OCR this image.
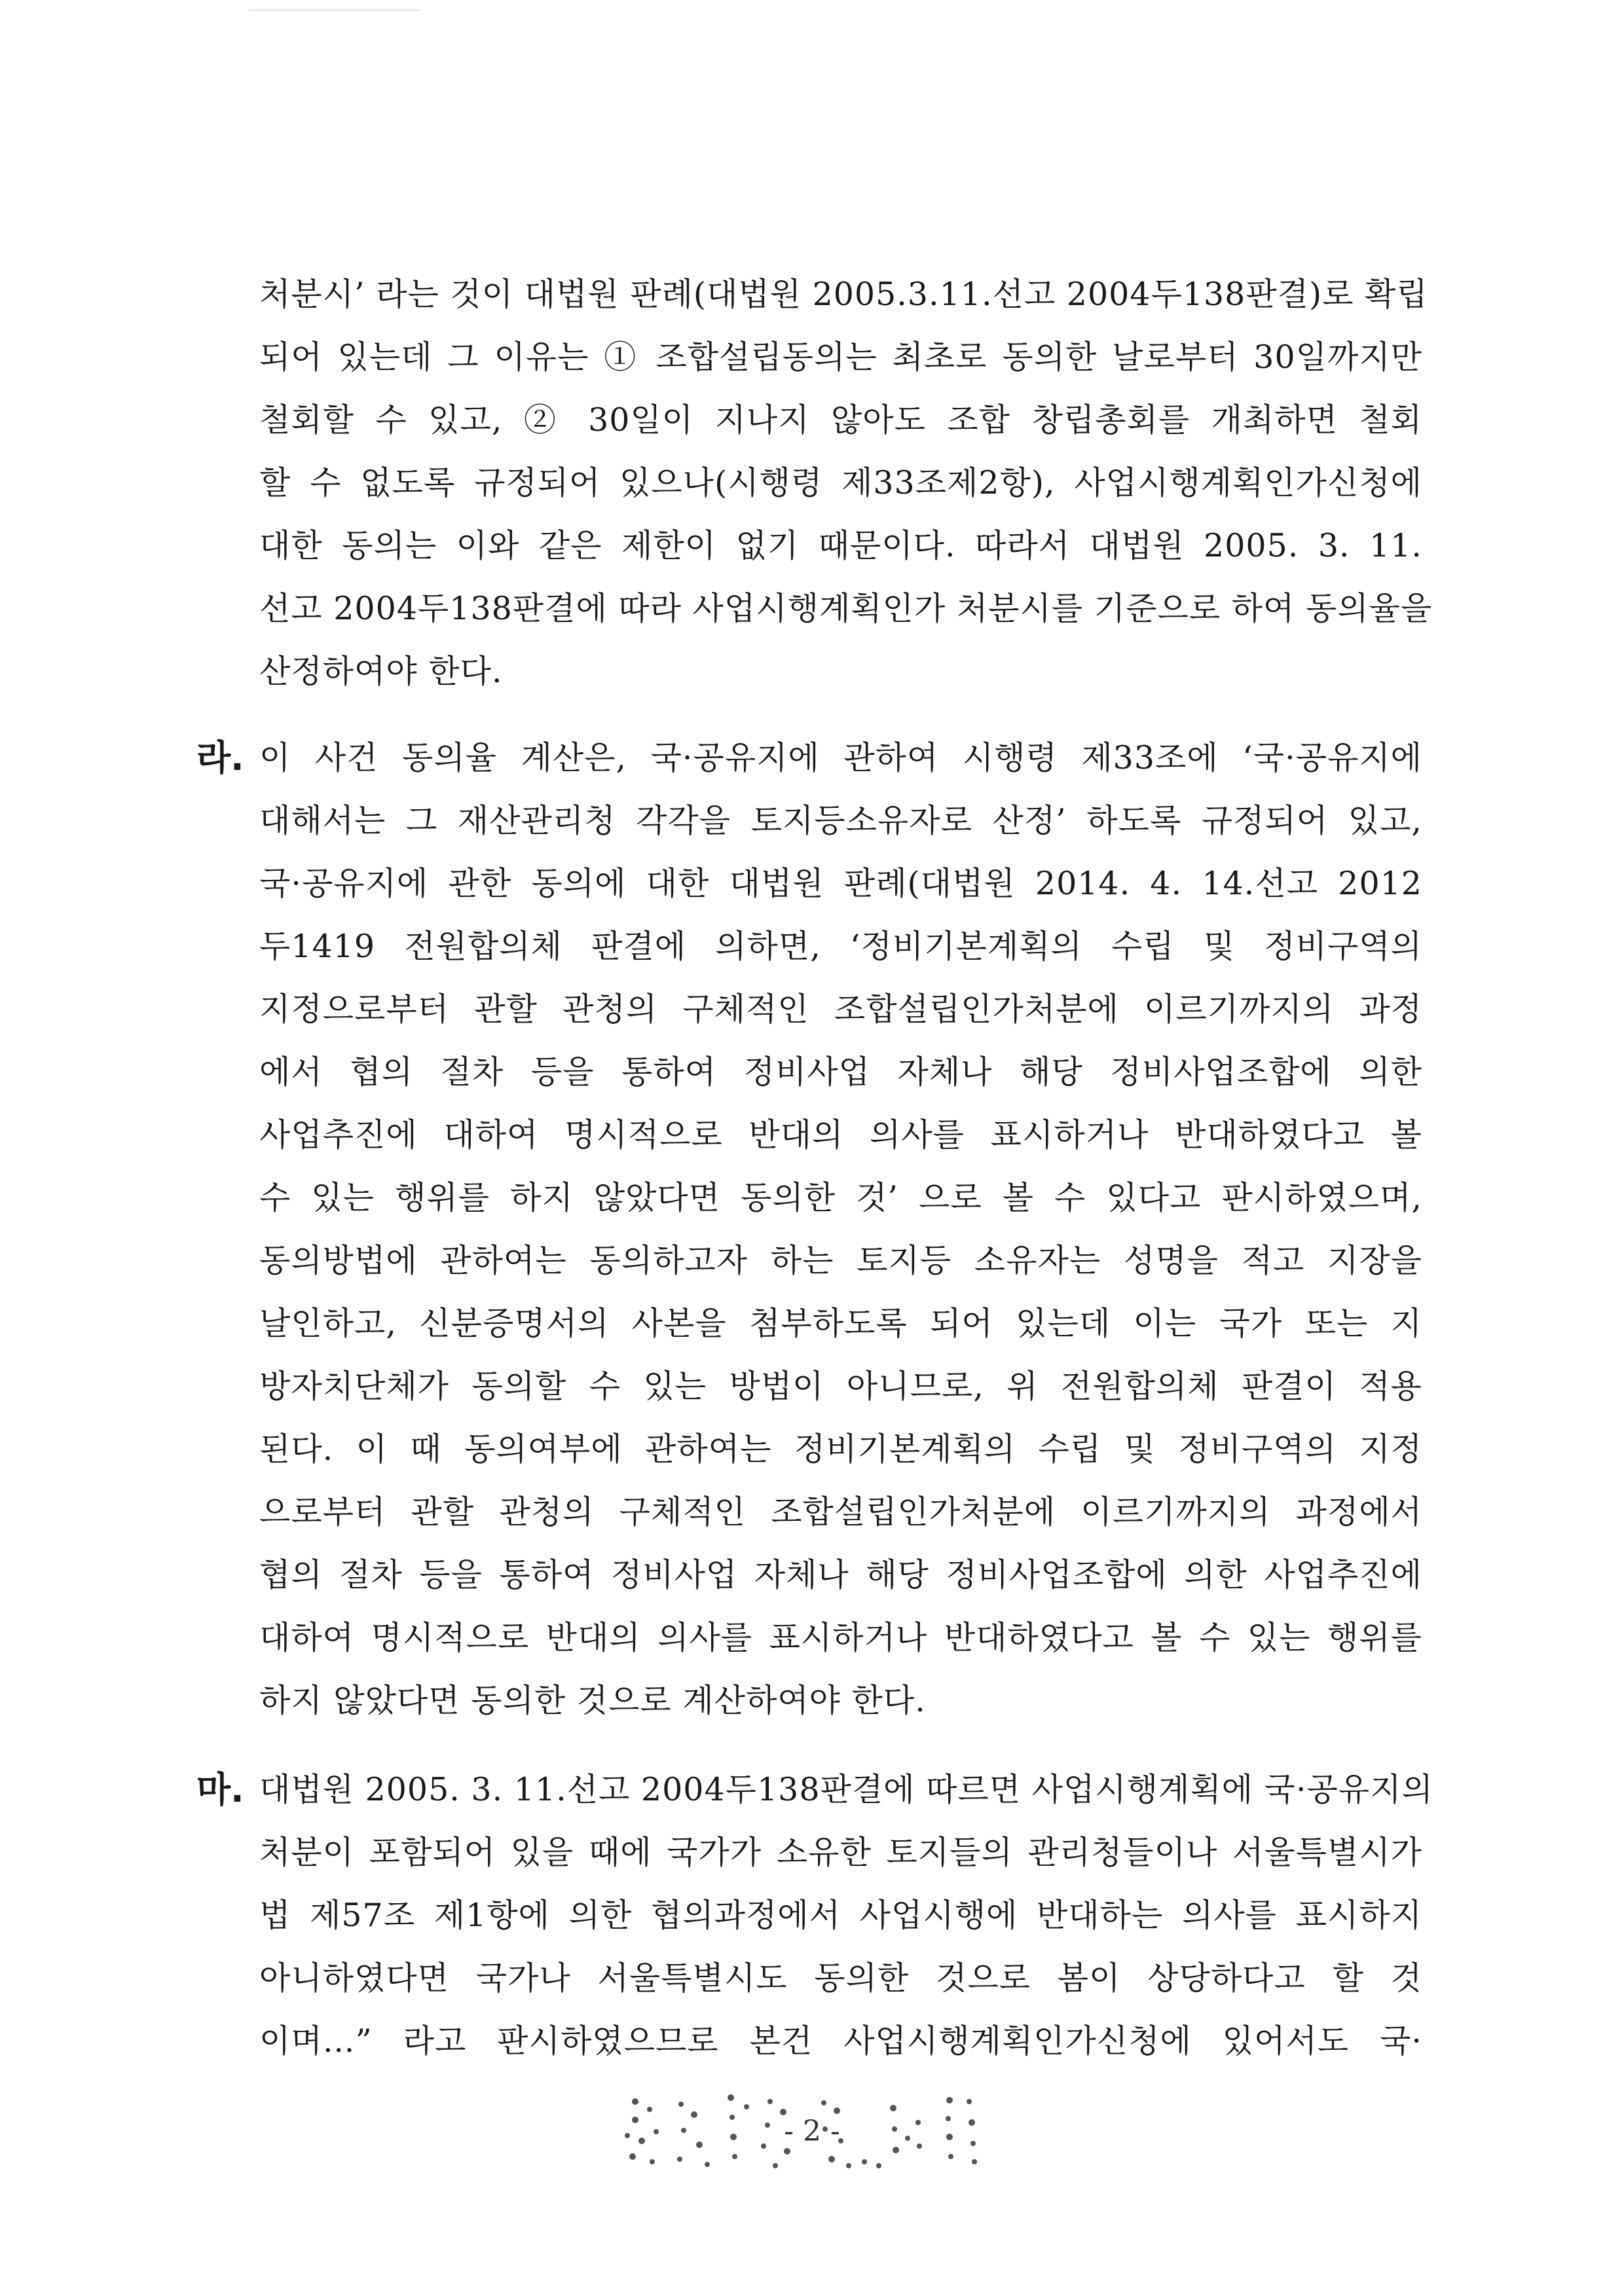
처분시’ 라는 것이 대법원 판례(대법원 2005.3.11.선고 2004두138판결)로 확립
되어 있는데 그 이유는 ① 조합설립동의는 최초로 동의한 날로부터 30일까지만
철회할 수 있고, ② 30일이 지나지 않아도 조합 창립총회를 개최하면 철회
할 수 없도록 규정되어 있으나(시행령 제33조제2항), 사업시행계획인가신청에
대한 동의는 이와 같은 제한이 없기 때문이다. 따라서 대법원 2005. 3. 11.
선고 2004두138판결에 따라 사업시행계획인가 처분시를 기준으로 하여 동의율을
산정하여야 한다.
라. 이 사건 동의율 계산은, 국·공유지에 관하여 시행령 제33조에 ‘국·공유지에
대해서는 그 재산관리청 각각을 토지등소유자로 산정’ 하도록 규정되어 있고,
국·공유지에 관한 동의에 대한 대법원 판례(대법원 2014. 4. 14.선고 2012
두1419 전원합의체 판결에 의하면, ‘정비기본계획의 수립 및 정비구역의
지정으로부터 관할 관청의 구체적인 조합설립인가처분에 이르기까지의 과정
에서 협의 절차 등을 통하여 정비사업 자체나 해당 정비사업조합에 의한
사업추진에 대하여 명시적으로 반대의 의사를 표시하거나 반대하였다고 볼
수 있는 행위를 하지 않았다면 동의한 것’ 으로 볼 수 있다고 판시하였으며,
동의방법에 관하여는 동의하고자 하는 토지등 소유자는 성명을 적고 지장을
날인하고, 신분증명서의 사본을 첨부하도록 되어 있는데 이는 국가 또는 지
방자치단체가 동의할 수 있는 방법이 아니므로, 위 전원합의체 판결이 적용
된다. 이 때 동의여부에 관하여는 정비기본계획의 수립 및 정비구역의 지정
으로부터 관할 관청의 구체적인 조합설립인가처분에 이르기까지의 과정에서
협의 절차 등을 통하여 정비사업 자체나 해당 정비사업조합에 의한 사업추진에
대하여 명시적으로 반대의 의사를 표시하거나 반대하였다고 볼 수 있는 행위를
하지 않았다면 동의한 것으로 계산하여야 한다.
마. 대법원 2005. 3. 11.선고 2004두138판결에 따르면 사업시행계획에 국·공유지의
처분이 포함되어 있을 때에 국가가 소유한 토지들의 관리청들이나 서울특별시가
법 제57조 제1항에 의한 협의과정에서 사업시행에 반대하는 의사를 표시하지
아니하였다면 국가나 서울특별시도 동의한 것으로 봄이 상당하다고 할 것
이며…” 라고 판시하였으므로 본건 사업시행계획인가신청에 있어서도 국·
- 2 -
